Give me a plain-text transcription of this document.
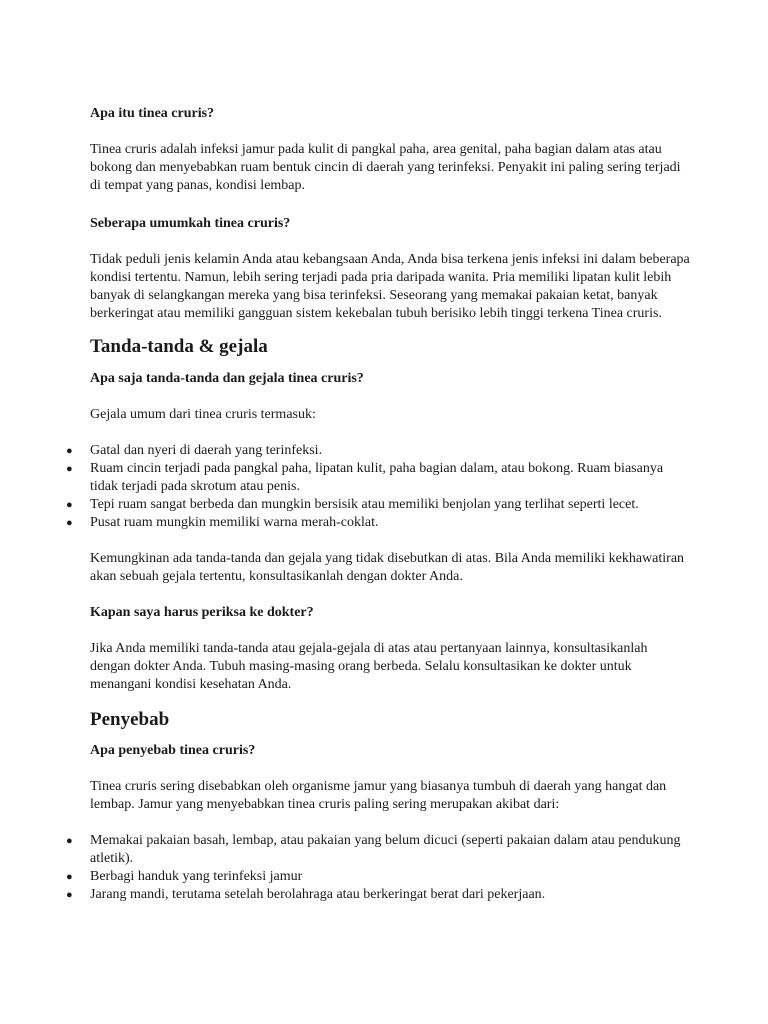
Apa itu tinea cruris?

Tinea cruris adalah infeksi jamur pada kulit di pangkal paha, area genital, paha bagian dalam atas atau bokong dan menyebabkan ruam bentuk cincin di daerah yang terinfeksi. Penyakit ini paling sering terjadi di tempat yang panas, kondisi lembap.

Seberapa umumkah tinea cruris?

Tidak peduli jenis kelamin Anda atau kebangsaan Anda, Anda bisa terkena jenis infeksi ini dalam beberapa kondisi tertentu. Namun, lebih sering terjadi pada pria daripada wanita. Pria memiliki lipatan kulit lebih banyak di selangkangan mereka yang bisa terinfeksi. Seseorang yang memakai pakaian ketat, banyak berkeringat atau memiliki gangguan sistem kekebalan tubuh berisiko lebih tinggi terkena Tinea cruris.

Tanda-tanda & gejala

Apa saja tanda-tanda dan gejala tinea cruris?

Gejala umum dari tinea cruris termasuk:

● Gatal dan nyeri di daerah yang terinfeksi.
● Ruam cincin terjadi pada pangkal paha, lipatan kulit, paha bagian dalam, atau bokong. Ruam biasanya tidak terjadi pada skrotum atau penis.
● Tepi ruam sangat berbeda dan mungkin bersisik atau memiliki benjolan yang terlihat seperti lecet.
● Pusat ruam mungkin memiliki warna merah-coklat.

Kemungkinan ada tanda-tanda dan gejala yang tidak disebutkan di atas. Bila Anda memiliki kekhawatiran akan sebuah gejala tertentu, konsultasikanlah dengan dokter Anda.

Kapan saya harus periksa ke dokter?

Jika Anda memiliki tanda-tanda atau gejala-gejala di atas atau pertanyaan lainnya, konsultasikanlah dengan dokter Anda. Tubuh masing-masing orang berbeda. Selalu konsultasikan ke dokter untuk menangani kondisi kesehatan Anda.

Penyebab

Apa penyebab tinea cruris?

Tinea cruris sering disebabkan oleh organisme jamur yang biasanya tumbuh di daerah yang hangat dan lembap. Jamur yang menyebabkan tinea cruris paling sering merupakan akibat dari:

● Memakai pakaian basah, lembap, atau pakaian yang belum dicuci (seperti pakaian dalam atau pendukung atletik).
● Berbagi handuk yang terinfeksi jamur
● Jarang mandi, terutama setelah berolahraga atau berkeringat berat dari pekerjaan.
